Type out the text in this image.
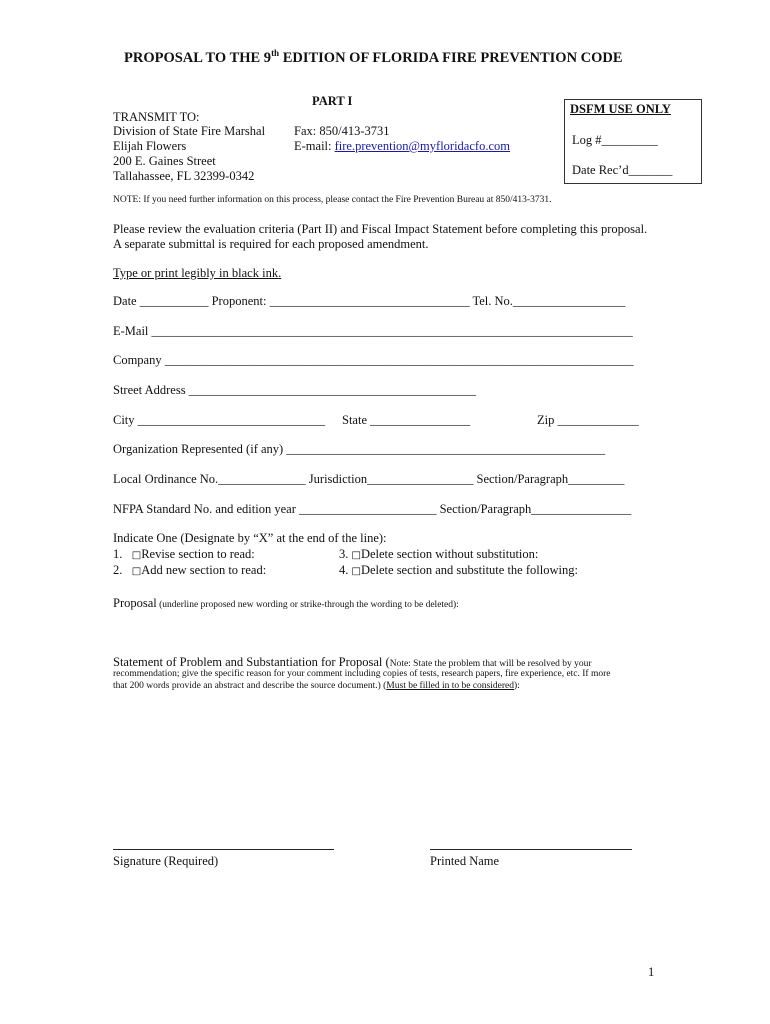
PROPOSAL TO THE 9th EDITION OF FLORIDA FIRE PREVENTION CODE
PART I
TRANSMIT TO:
Division of State Fire Marshal
Elijah Flowers
200 E. Gaines Street
Tallahassee, FL 32399-0342
Fax: 850/413-3731
E-mail: fire.prevention@myfloridacfo.com
DSFM USE ONLY
Log #_________
Date Rec’d_______
NOTE: If you need further information on this process, please contact the Fire Prevention Bureau at 850/413-3731.
Please review the evaluation criteria (Part II) and Fiscal Impact Statement before completing this proposal.
A separate submittal is required for each proposed amendment.
Type or print legibly in black ink.
Date ___________ Proponent: ________________________________ Tel. No.__________________
E-Mail _____________________________________________________________________________
Company ___________________________________________________________________________
Street Address ______________________________________________
City ______________________________ State ________________	Zip _____________
Organization Represented (if any) ___________________________________________________
Local Ordinance No.______________ Jurisdiction_________________ Section/Paragraph_________
NFPA Standard No. and edition year ______________________ Section/Paragraph________________
Indicate One (Designate by “X” at the end of the line):
1. □Revise section to read:
2. □Add new section to read:
3. □Delete section without substitution:
4. □Delete section and substitute the following:
Proposal (underline proposed new wording or strike-through the wording to be deleted):
Statement of Problem and Substantiation for Proposal (Note: State the problem that will be resolved by your
recommendation; give the specific reason for your comment including copies of tests, research papers, fire experience, etc. If more
that 200 words provide an abstract and describe the source document.) (Must be filled in to be considered):
Signature (Required)	Printed Name
1
